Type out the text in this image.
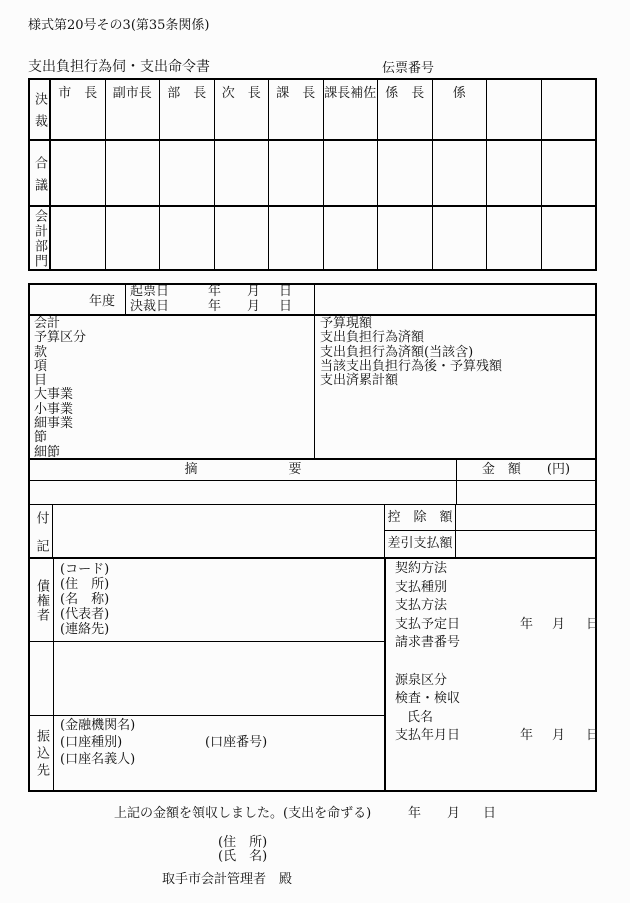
様式第20号その3(第35条関係)
支出負担行為伺・支出命令書	伝票番号
決裁 市　長	副市長	部　長	次　長	課　長 課長補佐 係　長	係
合議
会計部門
年度
起票日	年 月 日
決裁日	年 月 日
会計
予算区分
款
項
目
大事業
小事業
細事業
節
細節
予算現額
支出負担行為済額
支出負担行為済額(当該含)
当該支出負担行為後・予算残額
支出済累計額
摘　　　　　　　要	金　額　　(円)
付記	控　除　額
差引支払額
債権者
(コード)
(住　所)
(名　称)
(代表者)
(連絡先)
振込先
(金融機関名)
(口座種別)	(口座番号)
(口座名義人)
契約方法
支払種別
支払方法
支払予定日	年 月 日
請求書番号
源泉区分
検査・検収
氏名
支払年月日	年 月 日
上記の金額を領収しました。(支出を命ずる)	年 月 日
(住　所)
(氏　名)
取手市会計管理者　殿
